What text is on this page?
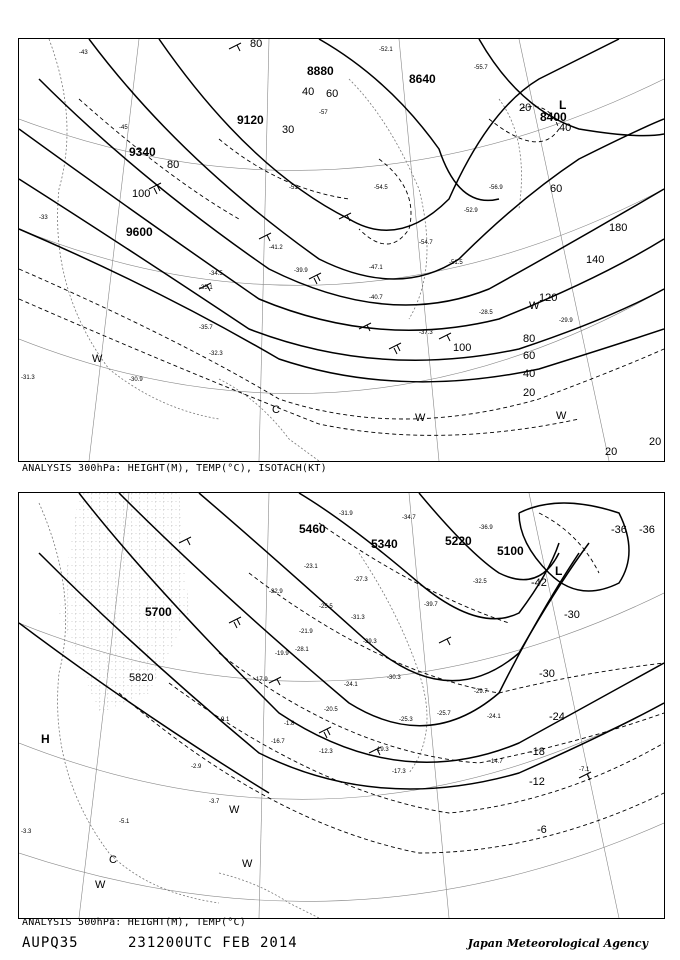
9120
8880
8640
8400
9340
9600
80
40 60
20
100
140
120
80
60
40
20
20
20
180
100
80
30	40
60
-54.5
-52.1
-55.7
-56.9
-51.5
-47.1
-40.7
-35.7
-32.3
-30.9
-29.9
-37.3
-34.5
-41.2
-52.9
-54.7
-43
-33
-45
-51
-57
-39.9
-28.5
-31.3
-35.1
L
W
W	W
C
W
ANALYSIS 300hPa: HEIGHT(M), TEMP(°C), ISOTACH(KT)
5460
5340	5220
5100
5700
5820
-36
-42
-30
-24
-18
-12
-6
-36
-30
-22.9
-23.1
-25.5
-21.9
-27.3
-31.3
-30.3
-39.7
-34.7
-36.9
-32.5
-31.9
-29.7
-25.3	-24.1
-20.5
-19.3
-17.3
-14.7
-12.3
-7.1
-5.1
-3.3
-3.7
-2.9
-1.8
-9.1
-17.9
-19.9
-24.1
-28.1
-29.3
-16.7
-25.7
H
L
C
W
W
W
ANALYSIS 500hPa: HEIGHT(M), TEMP(°C)
AUPQ35	231200UTC FEB 2014	Japan Meteorological Agency
